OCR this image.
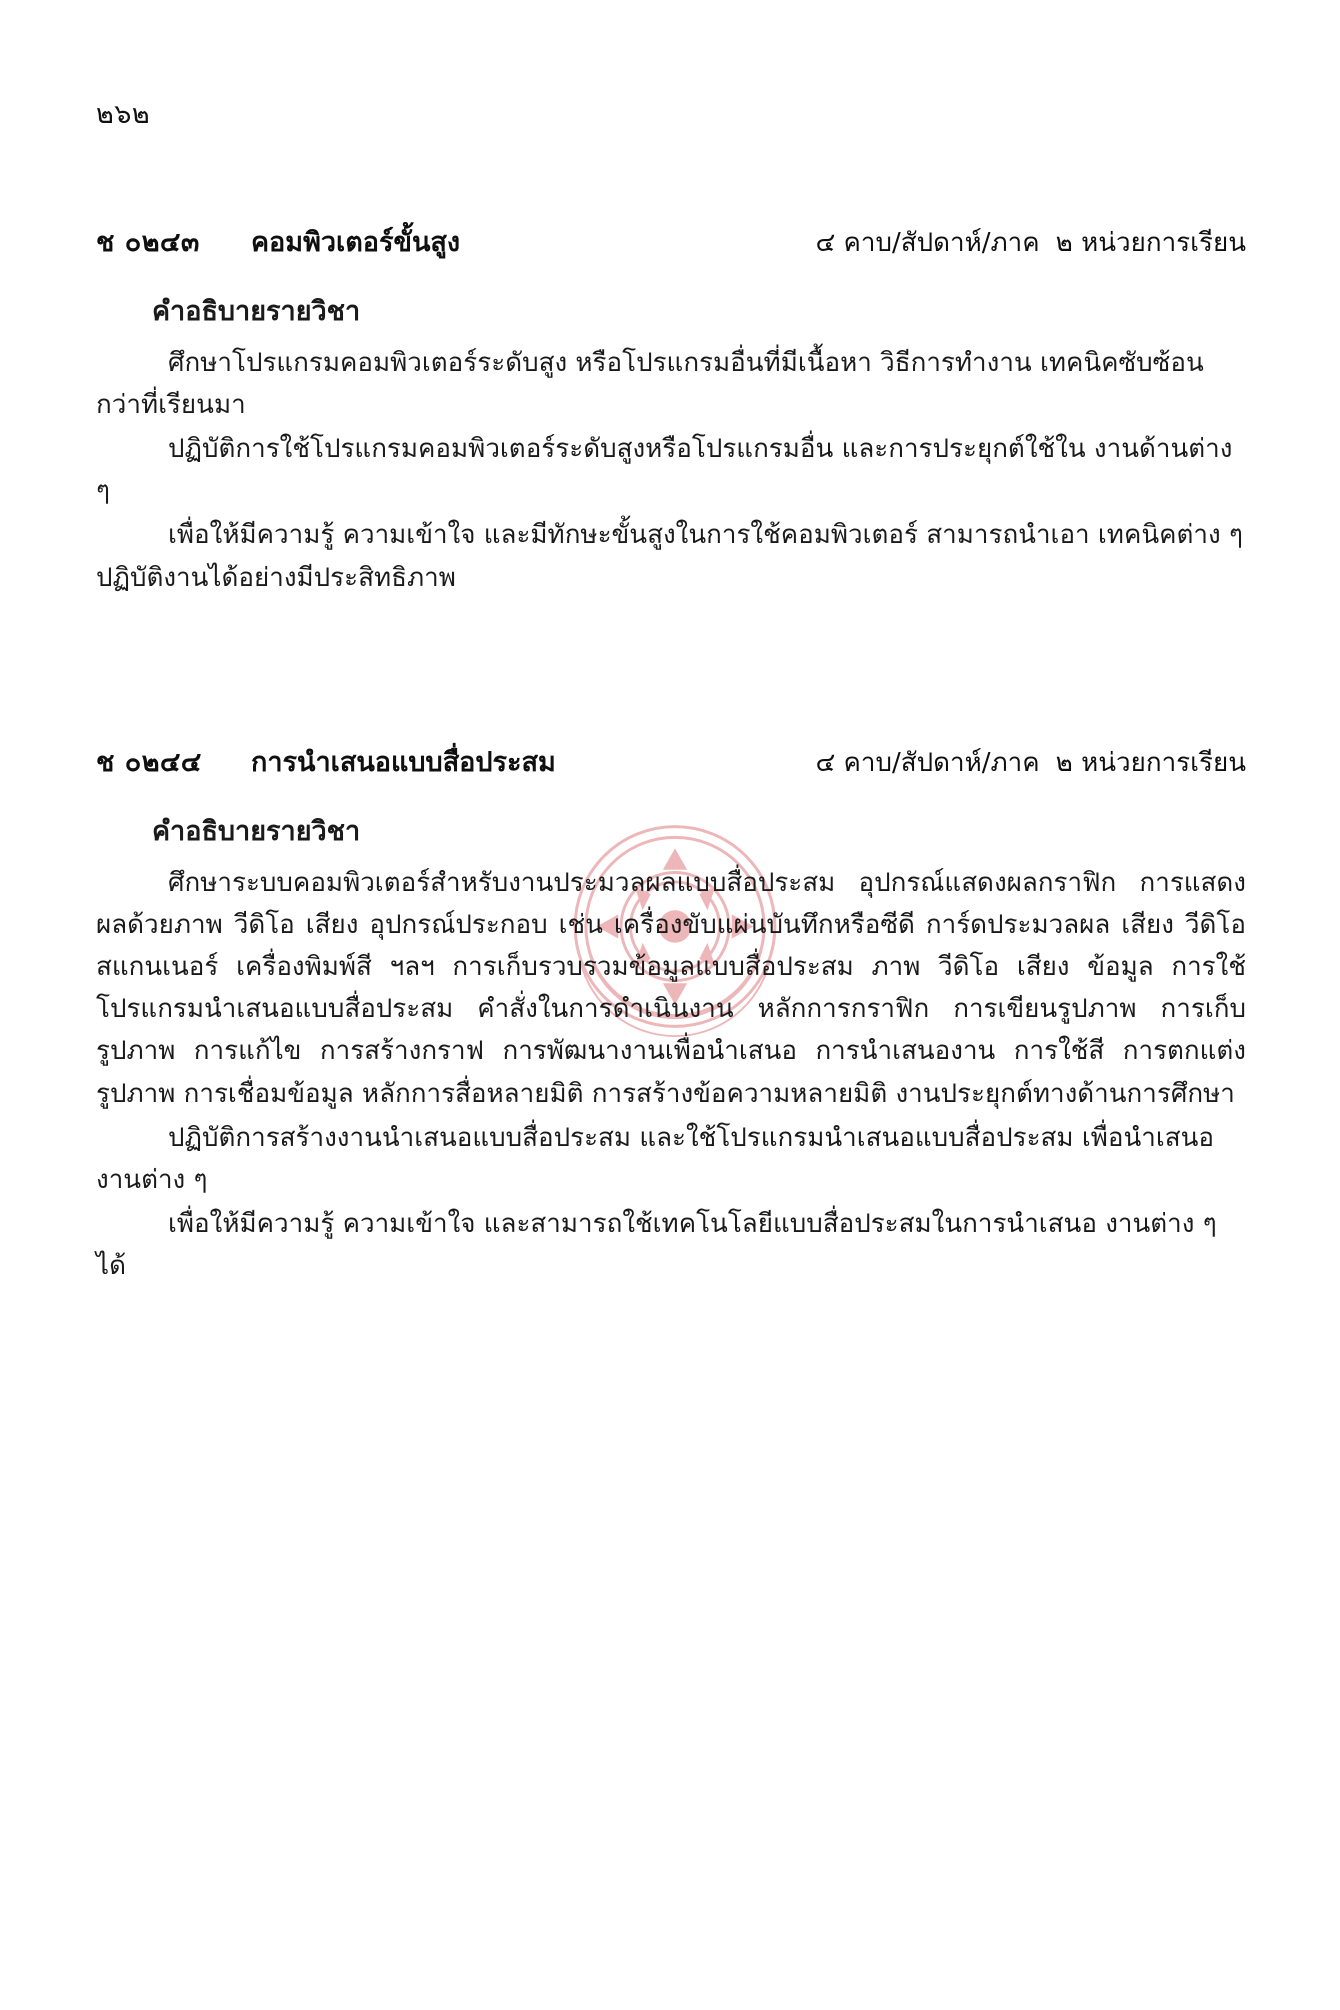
๒๖๒
ช ๐๒๔๓	คอมพิวเตอร์ขั้นสูง	๔ คาบ/สัปดาห์/ภาค ๒ หน่วยการเรียน
คำอธิบายรายวิชา

ศึกษาโปรแกรมคอมพิวเตอร์ระดับสูง หรือโปรแกรมอื่นที่มีเนื้อหา วิธีการทำงาน เทคนิคซับซ้อนกว่าที่เรียนมา

ปฏิบัติการใช้โปรแกรมคอมพิวเตอร์ระดับสูงหรือโปรแกรมอื่น และการประยุกต์ใช้ใน งานด้านต่าง ๆ

เพื่อให้มีความรู้ ความเข้าใจ และมีทักษะขั้นสูงในการใช้คอมพิวเตอร์ สามารถนำเอา เทคนิคต่าง ๆ ปฏิบัติงานได้อย่างมีประสิทธิภาพ

ช ๐๒๔๔	การนำเสนอแบบสื่อประสม	๔ คาบ/สัปดาห์/ภาค ๒ หน่วยการเรียน
คำอธิบายรายวิชา

ศึกษาระบบคอมพิวเตอร์สำหรับงานประมวลผลแบบสื่อประสม อุปกรณ์แสดงผลกราฟิก การแสดงผลด้วยภาพ วีดิโอ เสียง อุปกรณ์ประกอบ เช่น เครื่องขับแผ่นบันทึกหรือซีดี การ์ดประมวลผล เสียง วีดิโอ สแกนเนอร์ เครื่องพิมพ์สี ฯลฯ การเก็บรวบรวมข้อมูลแบบสื่อประสม ภาพ วีดิโอ เสียง ข้อมูล การใช้โปรแกรมนำเสนอแบบสื่อประสม คำสั่งในการดำเนินงาน หลักการกราฟิก การเขียนรูปภาพ การเก็บรูปภาพ การแก้ไข การสร้างกราฟ การพัฒนางานเพื่อนำเสนอ การนำเสนองาน การใช้สี การตกแต่งรูปภาพ การเชื่อมข้อมูล หลักการสื่อหลายมิติ การสร้างข้อความหลายมิติ งานประยุกต์ทางด้านการศึกษา

ปฏิบัติการสร้างงานนำเสนอแบบสื่อประสม และใช้โปรแกรมนำเสนอแบบสื่อประสม เพื่อนำเสนองานต่าง ๆ

เพื่อให้มีความรู้ ความเข้าใจ และสามารถใช้เทคโนโลยีแบบสื่อประสมในการนำเสนอ งานต่าง ๆ ได้
